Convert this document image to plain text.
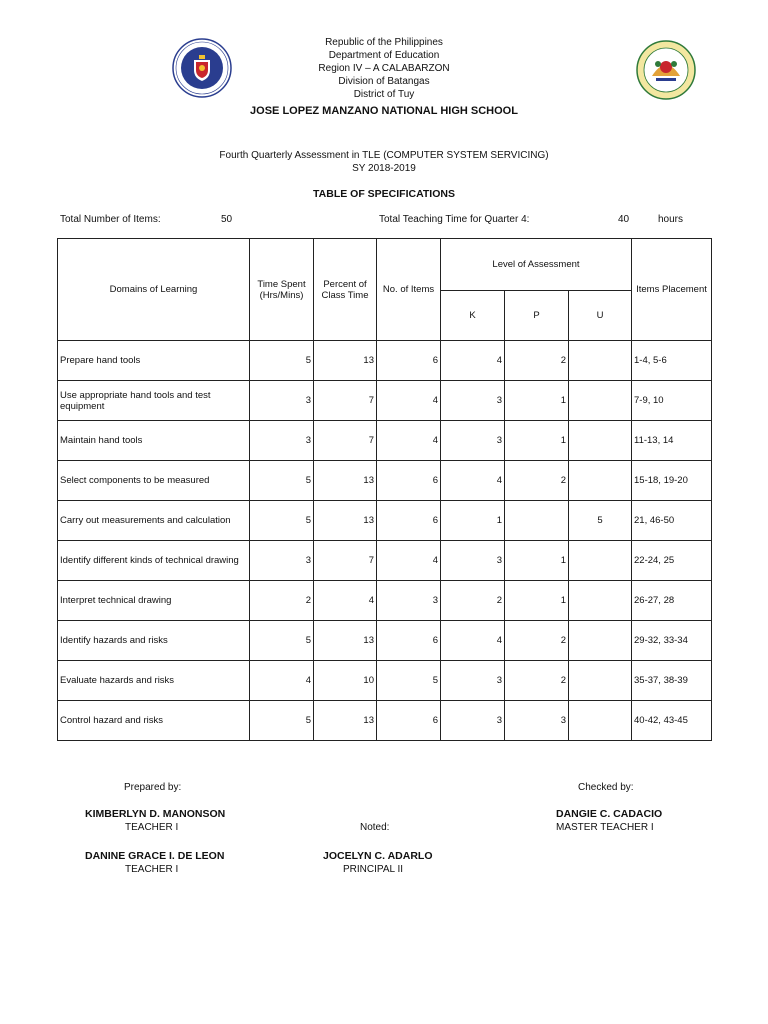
Republic of the Philippines
Department of Education
Region IV – A CALABARZON
Division of Batangas
District of Tuy
JOSE LOPEZ MANZANO NATIONAL HIGH SCHOOL
Fourth Quarterly Assessment in TLE (COMPUTER SYSTEM SERVICING)
SY 2018-2019
TABLE OF SPECIFICATIONS
Total Number of Items:	50	Total Teaching Time for Quarter 4:	40	hours
Domains of Learning	Time Spent (Hrs/Mins)	Percent of Class Time	No. of Items	Level of Assessment			Items Placement
				K	P	U	
Prepare hand tools	5	13	6	4	2		1-4, 5-6
Use appropriate hand tools and test equipment	3	7	4	3	1		7-9, 10
Maintain hand tools	3	7	4	3	1		11-13, 14
Select components to be measured	5	13	6	4	2		15-18, 19-20
Carry out measurements and calculation	5	13	6	1		5	21, 46-50
Identify different kinds of technical drawing	3	7	4	3	1		22-24, 25
Interpret technical drawing	2	4	3	2	1		26-27, 28
Identify hazards and risks	5	13	6	4	2		29-32, 33-34
Evaluate hazards and risks	4	10	5	3	2		35-37, 38-39
Control hazard and risks	5	13	6	3	3		40-42, 43-45
Prepared by:	Checked by:
KIMBERLYN D. MANONSON
TEACHER I	Noted:
DANGIE C. CADACIO
MASTER TEACHER I
DANINE GRACE I. DE LEON
TEACHER I
JOCELYN C. ADARLO
PRINCIPAL II
